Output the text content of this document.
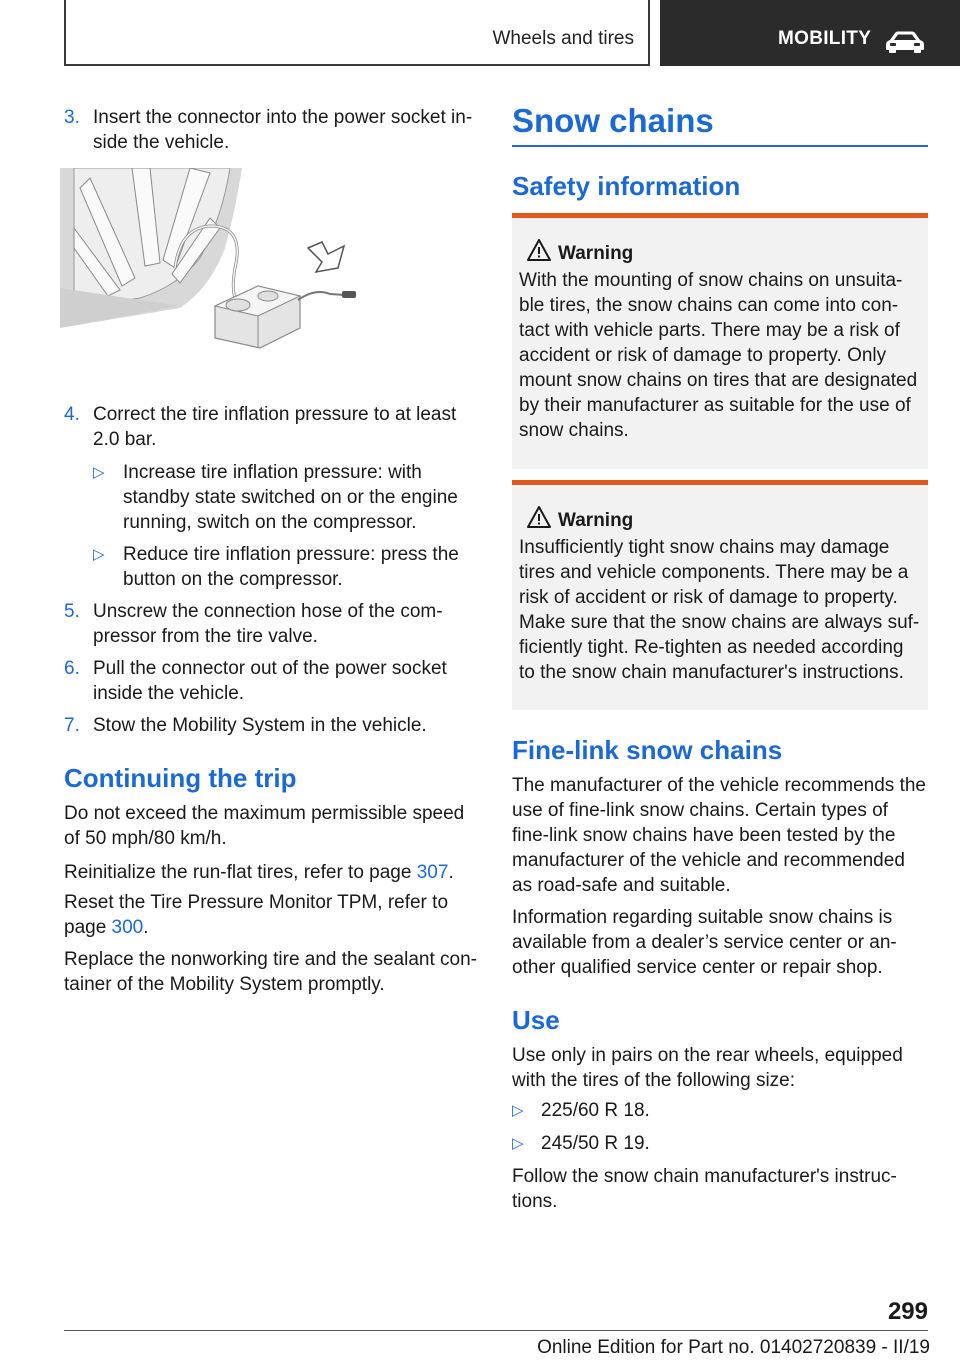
Wheels and tires	MOBILITY
3. Insert the connector into the power socket in‐side the vehicle.
4. Correct the tire inflation pressure to at least 2.0 bar.
▷ Increase tire inflation pressure: with standby state switched on or the engine running, switch on the compressor.
▷ Reduce tire inflation pressure: press the button on the compressor.
5. Unscrew the connection hose of the com‐pressor from the tire valve.
6. Pull the connector out of the power socket inside the vehicle.
7. Stow the Mobility System in the vehicle.
Continuing the trip
Do not exceed the maximum permissible speed of 50 mph/80 km/h.
Reinitialize the run-flat tires, refer to page 307.
Reset the Tire Pressure Monitor TPM, refer to page 300.
Replace the nonworking tire and the sealant con‐tainer of the Mobility System promptly.
Snow chains
Safety information
Warning
With the mounting of snow chains on unsuita‐ble tires, the snow chains can come into con‐tact with vehicle parts. There may be a risk of accident or risk of damage to property. Only mount snow chains on tires that are designated by their manufacturer as suitable for the use of snow chains.
Warning
Insufficiently tight snow chains may damage tires and vehicle components. There may be a risk of accident or risk of damage to property. Make sure that the snow chains are always suf‐ficiently tight. Re-tighten as needed according to the snow chain manufacturer's instructions.
Fine-link snow chains
The manufacturer of the vehicle recommends the use of fine-link snow chains. Certain types of fine-link snow chains have been tested by the manufacturer of the vehicle and recommended as road-safe and suitable.
Information regarding suitable snow chains is available from a dealer’s service center or an‐other qualified service center or repair shop.
Use
Use only in pairs on the rear wheels, equipped with the tires of the following size:
▷ 225/60 R 18.
▷ 245/50 R 19.
Follow the snow chain manufacturer's instruc‐tions.
299
Online Edition for Part no. 01402720839 - II/19
